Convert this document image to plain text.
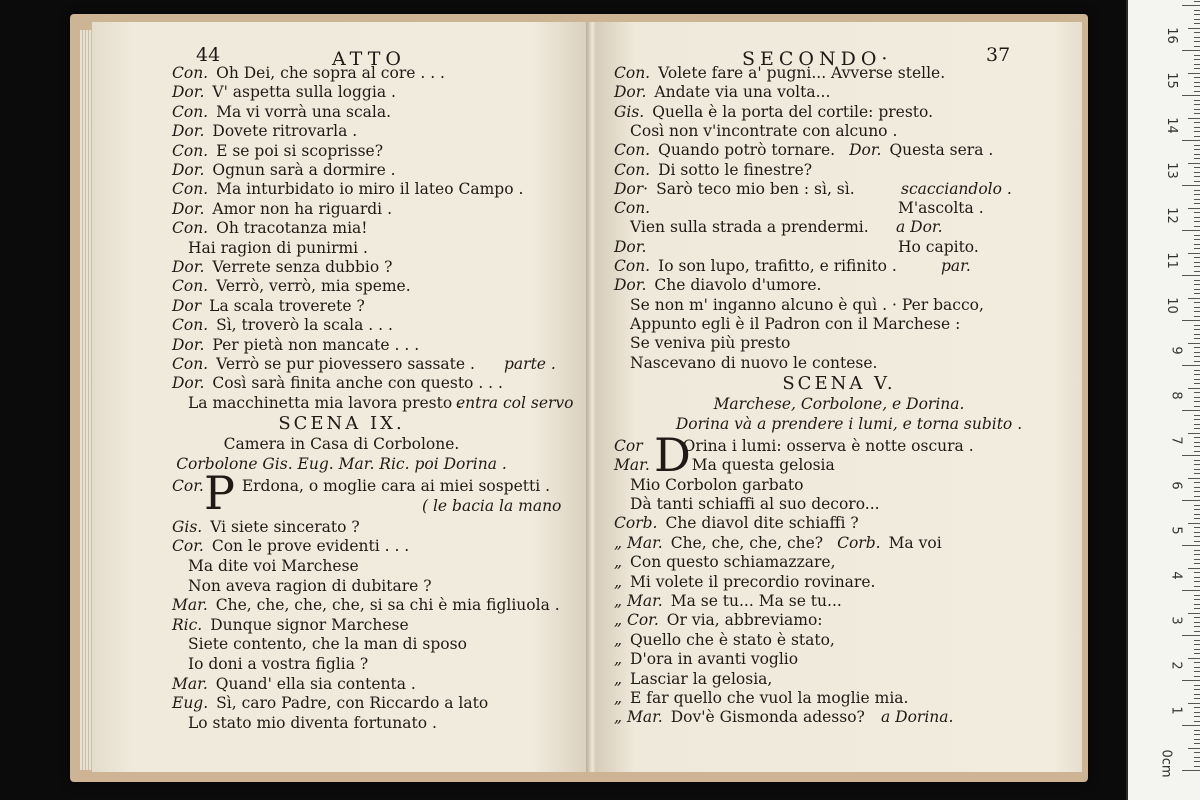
44	ATTO
Con. Oh Dei, che sopra al core . . .
Dor. V' aspetta sulla loggia .
Con. Ma vi vorrà una scala.
Dor. Dovete ritrovarla .
Con. E se poi si scoprisse?
Dor. Ognun sarà a dormire .
Con. Ma inturbidato io miro il lateo Campo .
Dor. Amor non ha riguardi .
Con. Oh tracotanza mia!
Hai ragion di punirmi .
Dor. Verrete senza dubbio ?
Con. Verrò, verrò, mia speme.
Dor La scala troverete ?
Con. Sì, troverò la scala . . .
Dor. Per pietà non mancate . . .
Con. Verrò se pur piovessero sassate . parte .
Dor. Così sarà finita anche con questo . . .
La macchinetta mia lavora presto .
entra col servo
SCENA IX.
Camera in Casa di Corbolone.
Corbolone Gis. Eug. Mar. Ric. poi Dorina .
P
Cor. Erdona, o moglie cara ai miei sospetti .
( le bacia la mano
Gis. Vi siete sincerato ?
Cor. Con le prove evidenti . . .
Ma dite voi Marchese
Non aveva ragion di dubitare ?
Mar. Che, che, che, che, si sa chi è mia figliuola .
Ric. Dunque signor Marchese
Siete contento, che la man di sposo
Io doni a vostra figlia ?
Mar. Quand' ella sia contenta .
Eug. Sì, caro Padre, con Riccardo a lato
Lo stato mio diventa fortunato .
SECONDO·	37
Con. Volete fare a' pugni... Avverse stelle.
Dor. Andate via una volta...
Gis. Quella è la porta del cortile: presto.
Così non v'incontrate con alcuno .
Con. Quando potrò tornare. Dor. Questa sera .
Con. Di sotto le finestre?
Dor· Sarò teco mio ben : sì, sì.	scacciandolo .
Con.	M'ascolta .
Vien sulla strada a prendermi. a Dor.
Dor.	Ho capito.
Con. Io son lupo, trafitto, e rifinito .	par.
Dor. Che diavolo d'umore.
Se non m' inganno alcuno è quì . · Per bacco,
Appunto egli è il Padron con il Marchese :
Se veniva più presto
Nascevano di nuovo le contese.
SCENA V.
Marchese, Corbolone, e Dorina.
Dorina và a prendere i lumi, e torna subito .
D
Cor	Orina i lumi: osserva è notte oscura .
Mar.	Ma questa gelosia
Mio Corbolon garbato
Dà tanti schiaffi al suo decoro...
Corb. Che diavol dite schiaffi ?
„ Mar. Che, che, che, che? Corb. Ma voi
„ Con questo schiamazzare,
„ Mi volete il precordio rovinare.
„ Mar. Ma se tu... Ma se tu...
„ Cor. Or via, abbreviamo:
„ Quello che è stato è stato,
„ D'ora in avanti voglio
„ Lasciar la gelosia,
„ E far quello che vuol la moglie mia.
„ Mar. Dov'è Gismonda adesso? a Dorina.
0cm
1
2
3
4
5
6
7
8
9
10
11
12
13
14
15
16
